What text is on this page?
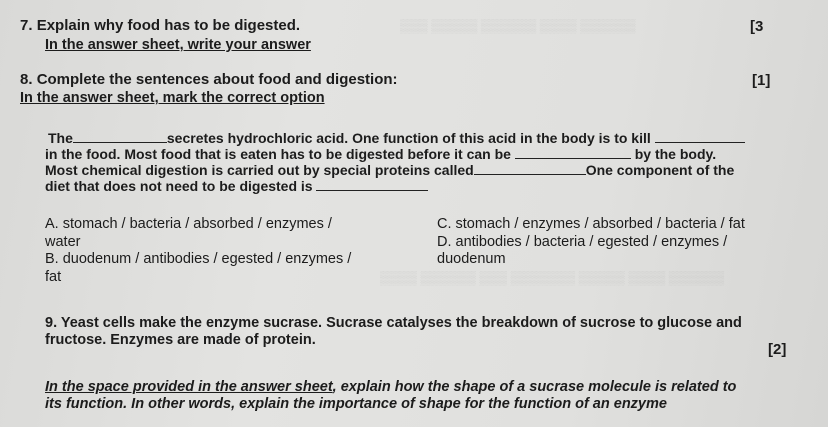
▒▒▒ ▒▒▒▒▒ ▒▒▒▒▒▒ ▒▒▒▒ ▒▒▒▒▒▒
▒▒▒▒ ▒▒▒▒▒▒ ▒▒▒ ▒▒▒▒▒▒▒ ▒▒▒▒▒ ▒▒▒▒ ▒▒▒▒▒▒
7. Explain why food has to be digested.	[3
In the answer sheet, write your answer
8. Complete the sentences about food and digestion:	[1]
In the answer sheet, mark the correct option
The	secretes hydrochloric acid. One function of this acid in the body is to kill
in the food. Most food that is eaten has to be digested before it can be	by the body.
Most chemical digestion is carried out by special proteins called	One component of the
diet that does not need to be digested is
A. stomach / bacteria / absorbed / enzymes /
water
B. duodenum / antibodies / egested / enzymes /
fat
C. stomach / enzymes / absorbed / bacteria / fat
D. antibodies / bacteria / egested / enzymes /
duodenum
9. Yeast cells make the enzyme sucrase. Sucrase catalyses the breakdown of sucrose to glucose and
fructose. Enzymes are made of protein.
[2]
In the space provided in the answer sheet, explain how the shape of a sucrase molecule is related to
its function. In other words, explain the importance of shape for the function of an enzyme
